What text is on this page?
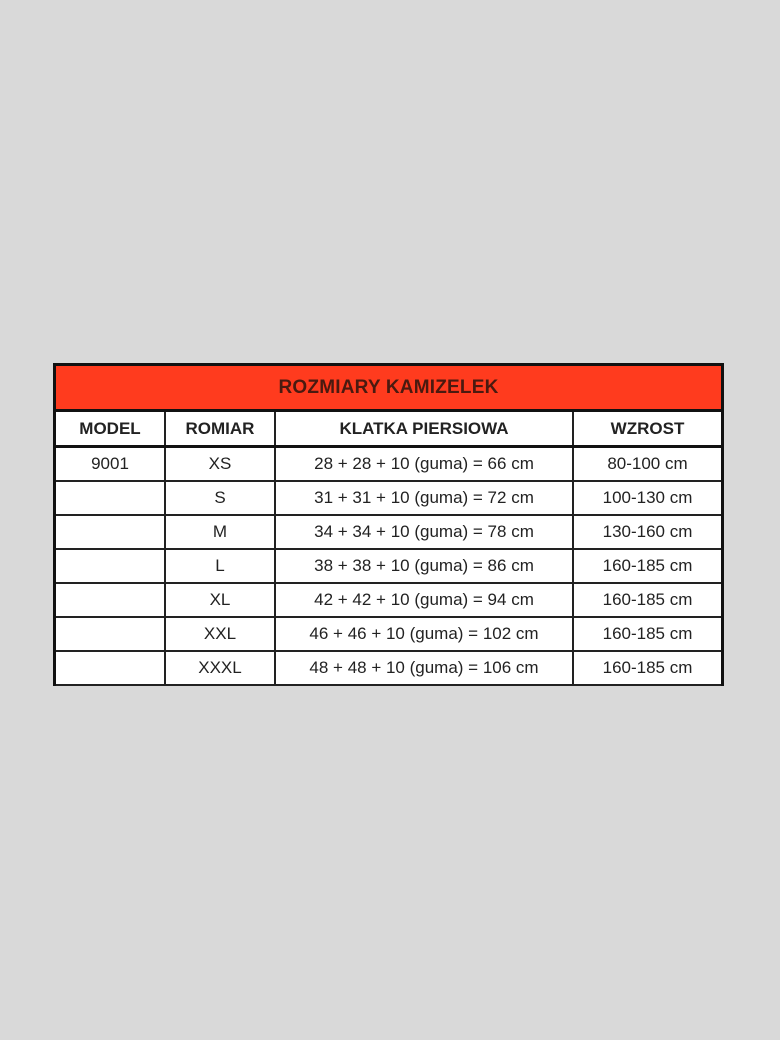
ROZMIARY KAMIZELEK
MODEL	ROMIAR	KLATKA PIERSIOWA	WZROST
9001	XS	28 + 28 + 10 (guma) = 66 cm	80-100 cm
	S	31 + 31 + 10 (guma) = 72 cm	100-130 cm
	M	34 + 34 + 10 (guma) = 78 cm	130-160 cm
	L	38 + 38 + 10 (guma) = 86 cm	160-185 cm
	XL	42 + 42 + 10 (guma) = 94 cm	160-185 cm
	XXL	46 + 46 + 10 (guma) = 102 cm	160-185 cm
	XXXL	48 + 48 + 10 (guma) = 106 cm	160-185 cm
